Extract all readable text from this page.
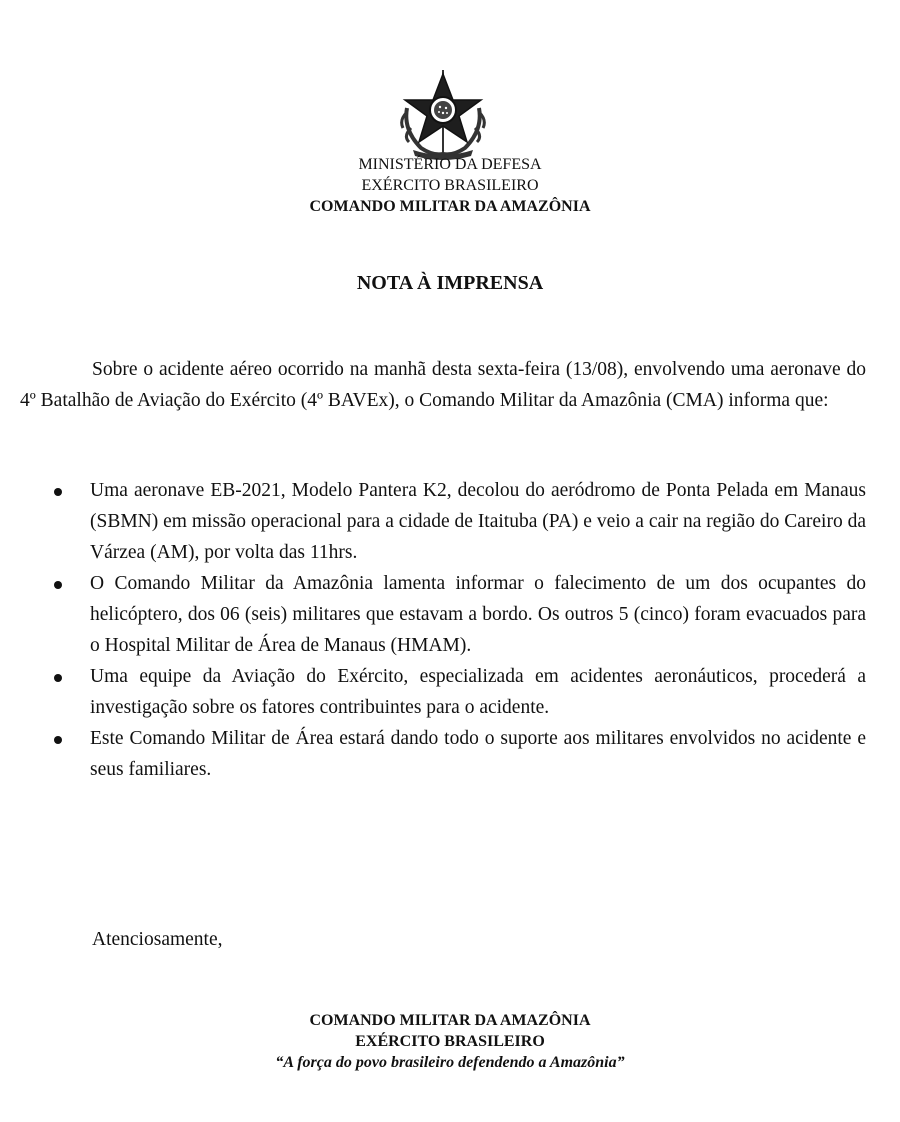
MINISTÉRIO DA DEFESA
EXÉRCITO BRASILEIRO
COMANDO MILITAR DA AMAZÔNIA
NOTA À IMPRENSA

Sobre o acidente aéreo ocorrido na manhã desta sexta-feira (13/08), envolvendo uma aeronave do 4º Batalhão de Aviação do Exército (4º BAVEx), o Comando Militar da Amazônia (CMA) informa que:

Uma aeronave EB-2021, Modelo Pantera K2, decolou do aeródromo de Ponta Pelada em Manaus (SBMN) em missão operacional para a cidade de Itaituba (PA) e veio a cair na região do Careiro da Várzea (AM), por volta das 11hrs.
O Comando Militar da Amazônia lamenta informar o falecimento de um dos ocupantes do helicóptero, dos 06 (seis) militares que estavam a bordo. Os outros 5 (cinco) foram evacuados para o Hospital Militar de Área de Manaus (HMAM).
Uma equipe da Aviação do Exército, especializada em acidentes aeronáuticos, procederá a investigação sobre os fatores contribuintes para o acidente.
Este Comando Militar de Área estará dando todo o suporte aos militares envolvidos no acidente e seus familiares.
Atenciosamente,
COMANDO MILITAR DA AMAZÔNIA
EXÉRCITO BRASILEIRO
“A força do povo brasileiro defendendo a Amazônia”
